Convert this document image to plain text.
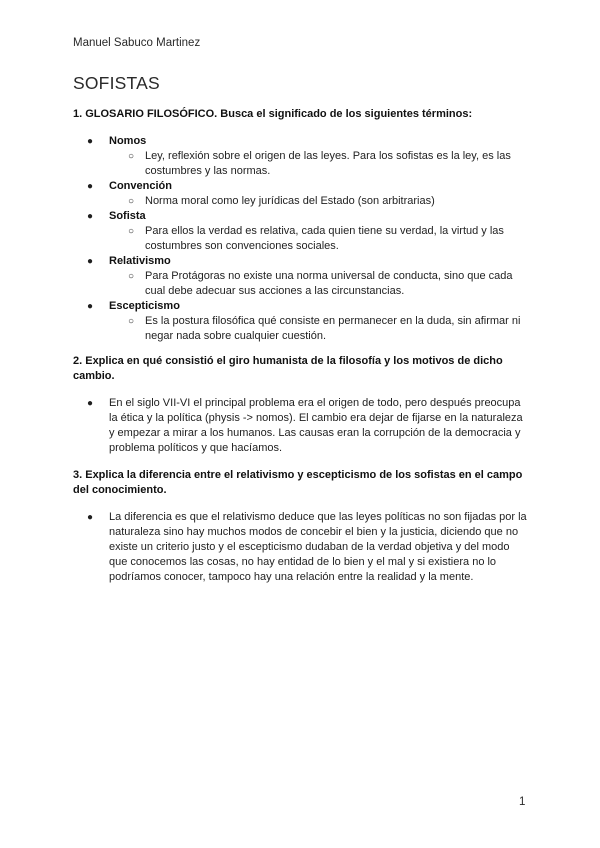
Manuel Sabuco Martinez
SOFISTAS
1. GLOSARIO FILOSÓFICO. Busca el significado de los siguientes términos:
● Nomos
○ Ley, reflexión sobre el origen de las leyes. Para los sofistas es la ley, es las costumbres y las normas.
● Convención
○ Norma moral como ley jurídicas del Estado (son arbitrarias)
● Sofista
○ Para ellos la verdad es relativa, cada quien tiene su verdad, la virtud y las costumbres son convenciones sociales.
● Relativismo
○ Para Protágoras no existe una norma universal de conducta, sino que cada cual debe adecuar sus acciones a las circunstancias.
● Escepticismo
○ Es la postura filosófica qué consiste en permanecer en la duda, sin afirmar ni negar nada sobre cualquier cuestión.
2. Explica en qué consistió el giro humanista de la filosofía y los motivos de dicho cambio.
● En el siglo VII-VI el principal problema era el origen de todo, pero después preocupa la ética y la política (physis -> nomos). El cambio era dejar de fijarse en la naturaleza y empezar a mirar a los humanos. Las causas eran la corrupción de la democracia y problema políticos y que hacíamos.
3. Explica la diferencia entre el relativismo y escepticismo de los sofistas en el campo del conocimiento.
● La diferencia es que el relativismo deduce que las leyes políticas no son fijadas por la naturaleza sino hay muchos modos de concebir el bien y la justicia, diciendo que no existe un criterio justo y el escepticismo dudaban de la verdad objetiva y del modo que conocemos las cosas, no hay entidad de lo bien y el mal y si existiera no lo podríamos conocer, tampoco hay una relación entre la realidad y la mente.
1
